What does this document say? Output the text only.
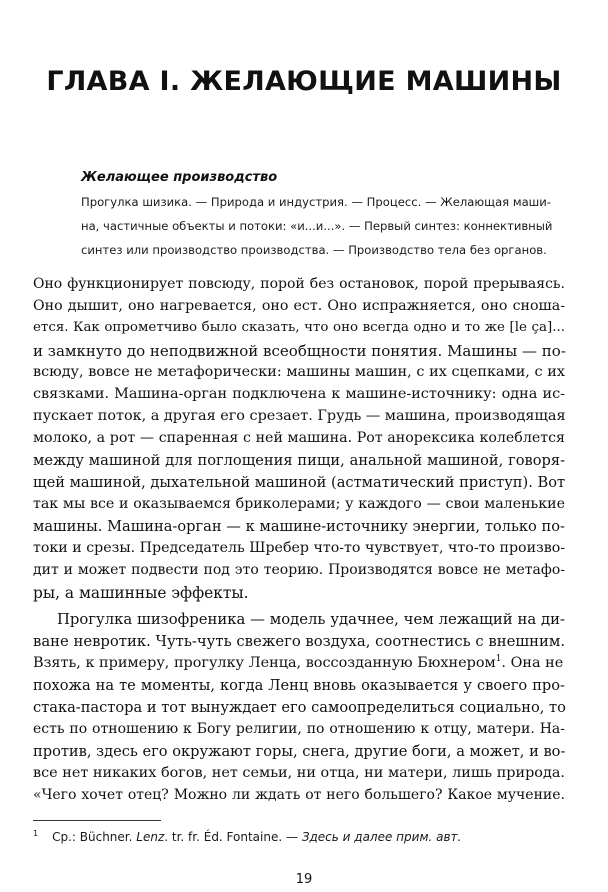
ГЛАВА I. ЖЕЛАЮЩИЕ МАШИНЫ
Желающее производство
Прогулка шизика. — Природа и индустрия. — Процесс. — Желающая маши-
на, частичные объекты и потоки: «и...и...». — Первый синтез: коннективный
синтез или производство производства. — Производство тела без органов.
Оно функционирует повсюду, порой без остановок, порой прерываясь.
Оно дышит, оно нагревается, оно ест. Оно испражняется, оно сноша-
ется. Как опрометчиво было сказать, что оно всегда одно и то же [le ça]...
и замкнуто до неподвижной всеобщности понятия. Машины — по-
всюду, вовсе не метафорически: машины машин, с их сцепками, с их
связками. Машина-орган подключена к машине-источнику: одна ис-
пускает поток, а другая его срезает. Грудь — машина, производящая
молоко, а рот — спаренная с ней машина. Рот анорексика колеблется
между машиной для поглощения пищи, анальной машиной, говоря-
щей машиной, дыхательной машиной (астматический приступ). Вот
так мы все и оказываемся бриколерами; у каждого — свои маленькие
машины. Машина-орган — к машине-источнику энергии, только по-
токи и срезы. Председатель Шребер что-то чувствует, что-то произво-
дит и может подвести под это теорию. Производятся вовсе не метафо-
ры, а машинные эффекты.
Прогулка шизофреника — модель удачнее, чем лежащий на ди-
ване невротик. Чуть-чуть свежего воздуха, соотнестись с внешним.
Взять, к примеру, прогулку Ленца, воссозданную Бюхнером$^1$. Она не
похожа на те моменты, когда Ленц вновь оказывается у своего про-
стака-пастора и тот вынуждает его самоопределиться социально, то
есть по отношению к Богу религии, по отношению к отцу, матери. На-
против, здесь его окружают горы, снега, другие боги, а может, и во-
все нет никаких богов, нет семьи, ни отца, ни матери, лишь природа.
«Чего хочет отец? Можно ли ждать от него большего? Какое мучение.
$^1$ Ср.: Büchner. Lenz. tr. fr. Éd. Fontaine. — Здесь и далее прим. авт.
19
